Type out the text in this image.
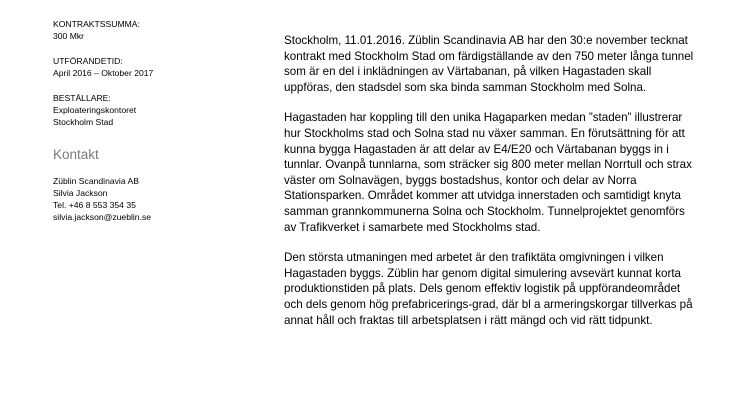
KONTRAKTSSUMMA:
300 Mkr
UTFÖRANDETID:
April 2016 – Oktober 2017
BESTÄLLARE:
Exploateringskontoret
Stockholm Stad
Kontakt
Züblin Scandinavia AB
Silvia Jackson
Tel. +46 8 553 354 35
silvia.jackson@zueblin.se

Stockholm, 11.01.2016. Züblin Scandinavia AB har den 30:e november tecknat kontrakt med Stockholm Stad om färdigställande av den 750 meter långa tunnel som är en del i inklädningen av Värtabanan, på vilken Hagastaden skall uppföras, den stadsdel som ska binda samman Stockholm med Solna.

Hagastaden har koppling till den unika Hagaparken medan ”staden” illustrerar hur Stockholms stad och Solna stad nu växer samman. En förutsättning för att kunna bygga Hagastaden är att delar av E4/E20 och Värtabanan byggs in i tunnlar. Ovanpå tunnlarna, som sträcker sig 800 meter mellan Norrtull och strax väster om Solnavägen, byggs bostadshus, kontor och delar av Norra Stationsparken. Området kommer att utvidga innerstaden och samtidigt knyta samman grannkommunerna Solna och Stockholm. Tunnelprojektet genomförs av Trafikverket i samarbete med Stockholms stad.

Den största utmaningen med arbetet är den trafiktäta omgivningen i vilken Hagastaden byggs. Züblin har genom digital simulering avsevärt kunnat korta produktionstiden på plats. Dels genom effektiv logistik på uppförandeområdet och dels genom hög prefabricerings-grad, där bl a armeringskorgar tillverkas på annat håll och fraktas till arbetsplatsen i rätt mängd och vid rätt tidpunkt.
